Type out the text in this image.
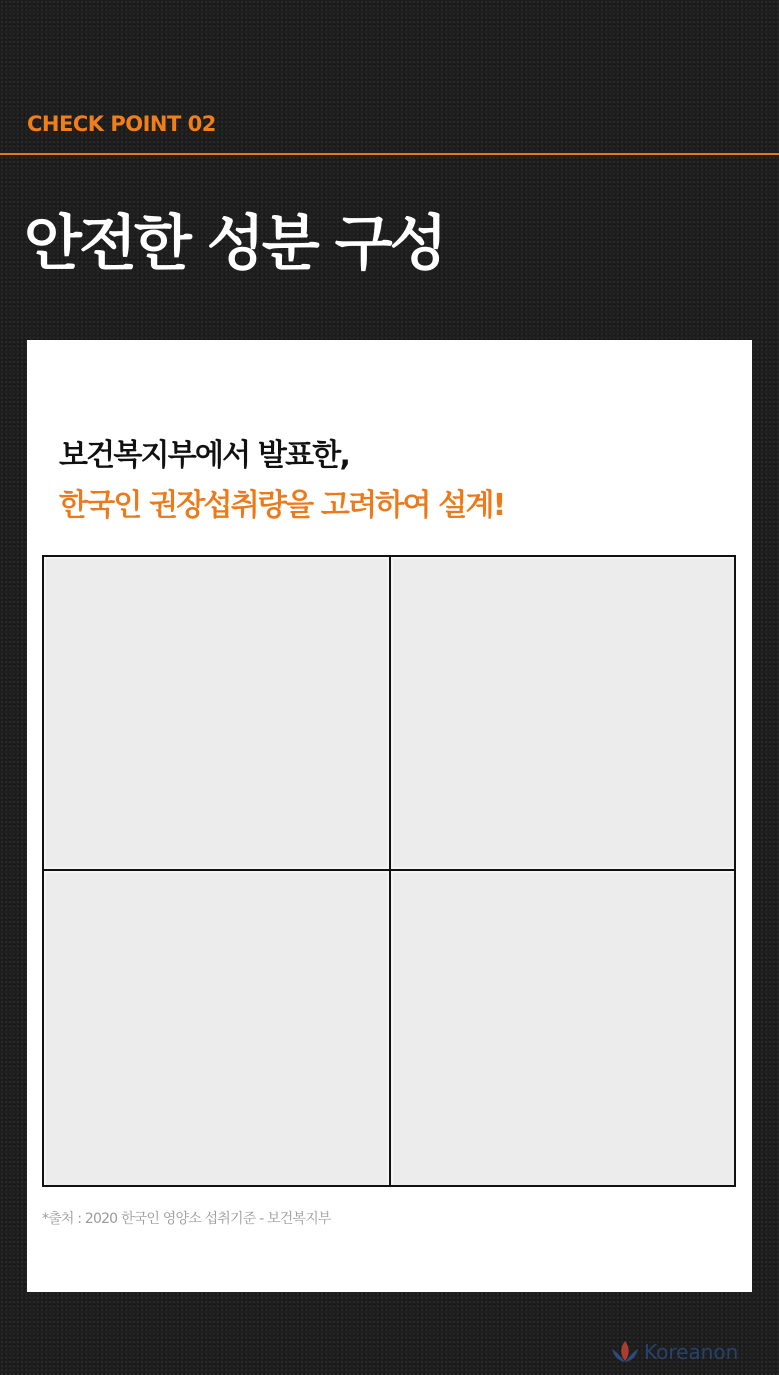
CHECK POINT 02
안전한 성분 구성
보건복지부에서 발표한,
한국인 권장섭취량을 고려하여 설계!
*출처 : 2020 한국인 영양소 섭취기준 - 보건복지부
Koreanon
